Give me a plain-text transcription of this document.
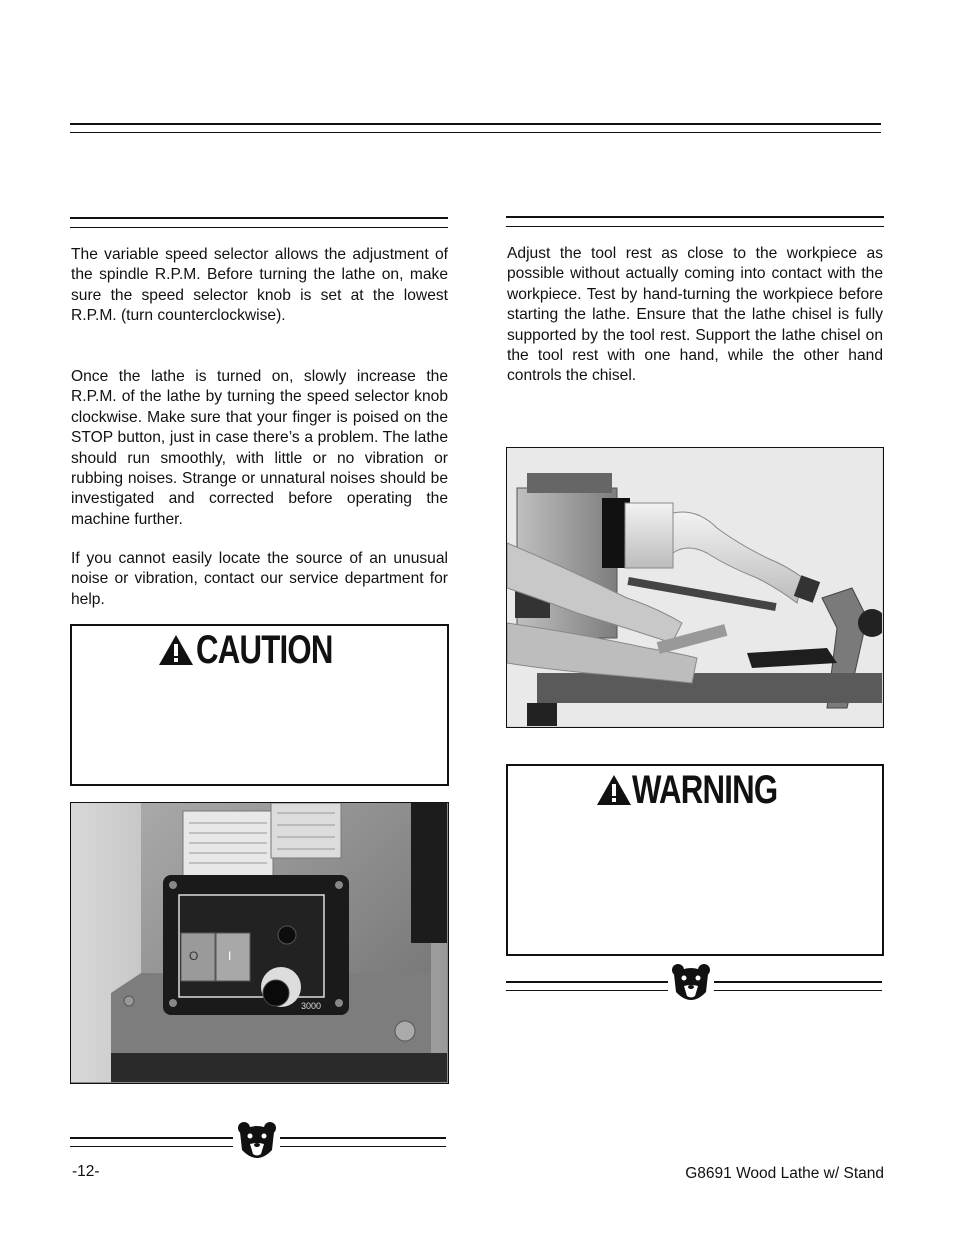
The variable speed selector allows the adjustment of the spindle R.P.M. Before turning the lathe on, make sure the speed selector knob is set at the lowest R.P.M. (turn counterclockwise).

Once the lathe is turned on, slowly increase the R.P.M. of the lathe by turning the speed selector knob clockwise. Make sure that your finger is poised on the STOP button, just in case there’s a problem. The lathe should run smoothly, with little or no vibration or rubbing noises. Strange or unnatural noises should be investigated and corrected before operating the machine further.

If you cannot easily locate the source of an unusual noise or vibration, contact our service department for help.

CAUTION
O I
3000

Adjust the tool rest as close to the workpiece as possible without actually coming into contact with the workpiece. Test by hand-turning the workpiece before starting the lathe. Ensure that the lathe chisel is fully supported by the tool rest. Support the lathe chisel on the tool rest with one hand, while the other hand controls the chisel.

WARNING
-12-	G8691 Wood Lathe w/ Stand
